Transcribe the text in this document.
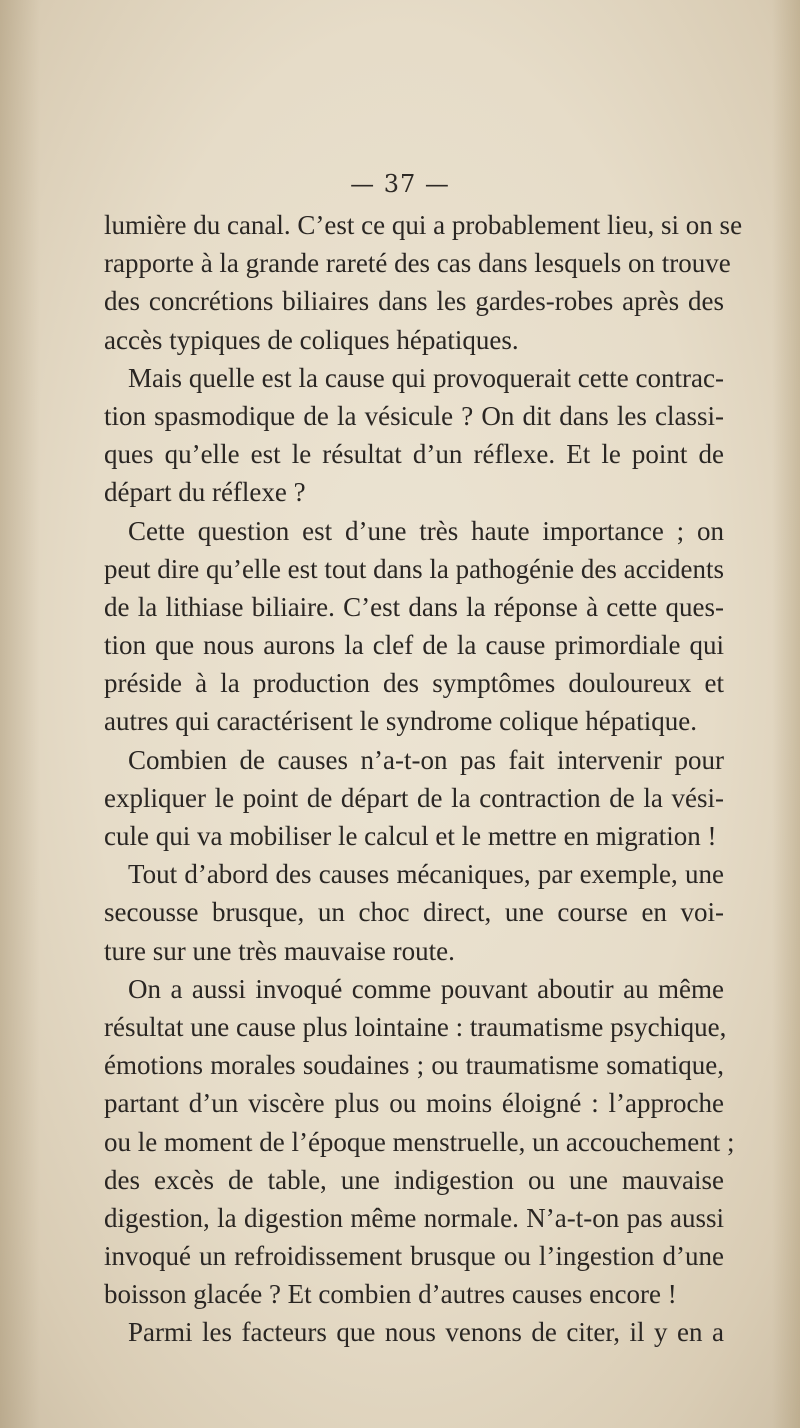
— 37 —
lumière du canal. C’est ce qui a probablement lieu, si on se
rapporte à la grande rareté des cas dans lesquels on trouve
des concrétions biliaires dans les gardes-robes après des
accès typiques de coliques hépatiques.
Mais quelle est la cause qui provoquerait cette contrac-
tion spasmodique de la vésicule ? On dit dans les classi-
ques qu’elle est le résultat d’un réflexe. Et le point de
départ du réflexe ?
Cette question est d’une très haute importance ; on
peut dire qu’elle est tout dans la pathogénie des accidents
de la lithiase biliaire. C’est dans la réponse à cette ques-
tion que nous aurons la clef de la cause primordiale qui
préside à la production des symptômes douloureux et
autres qui caractérisent le syndrome colique hépatique.
Combien de causes n’a-t-on pas fait intervenir pour
expliquer le point de départ de la contraction de la vési-
cule qui va mobiliser le calcul et le mettre en migration !
Tout d’abord des causes mécaniques, par exemple, une
secousse brusque, un choc direct, une course en voi-
ture sur une très mauvaise route.
On a aussi invoqué comme pouvant aboutir au même
résultat une cause plus lointaine : traumatisme psychique,
émotions morales soudaines ; ou traumatisme somatique,
partant d’un viscère plus ou moins éloigné : l’approche
ou le moment de l’époque menstruelle, un accouchement ;
des excès de table, une indigestion ou une mauvaise
digestion, la digestion même normale. N’a-t-on pas aussi
invoqué un refroidissement brusque ou l’ingestion d’une
boisson glacée ? Et combien d’autres causes encore !
Parmi les facteurs que nous venons de citer, il y en a
